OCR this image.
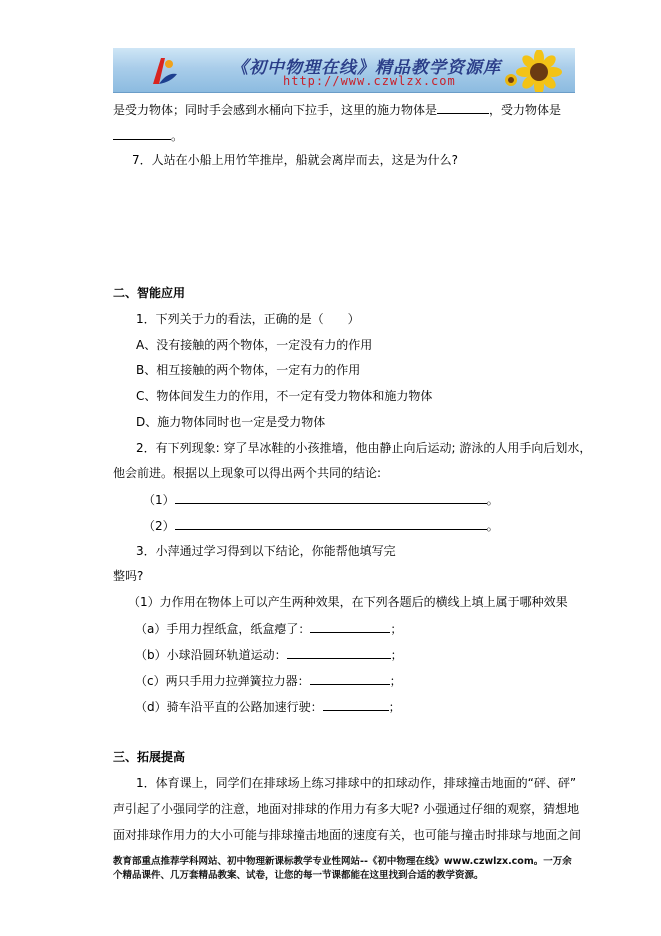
《初中物理在线》精品教学资源库
http://www.czwlzx.com
是受力物体；同时手会感到水桶向下拉手，这里的施力物体是	，受力物体是
。
7．人站在小船上用竹竿推岸，船就会离岸而去，这是为什么?
二、智能应用
1．下列关于力的看法，正确的是（　　）
A、没有接触的两个物体，一定没有力的作用
B、相互接触的两个物体，一定有力的作用
C、物体间发生力的作用，不一定有受力物体和施力物体
D、施力物体同时也一定是受力物体
2．有下列现象: 穿了旱冰鞋的小孩推墙，他由静止向后运动; 游泳的人用手向后划水，
他会前进。根据以上现象可以得出两个共同的结论:
（1）	。
（2）	。
3．小萍通过学习得到以下结论，你能帮他填写完
整吗?
（1）力作用在物体上可以产生两种效果，在下列各题后的横线上填上属于哪种效果
（a）手用力捏纸盒，纸盒瘪了：	；
（b）小球沿圆环轨道运动：	；
（c）两只手用力拉弹簧拉力器：	；
（d）骑车沿平直的公路加速行驶：	；
三、拓展提高
1．体育课上，同学们在排球场上练习排球中的扣球动作，排球撞击地面的“砰、砰”
声引起了小强同学的注意，地面对排球的作用力有多大呢? 小强通过仔细的观察，猜想地
面对排球作用力的大小可能与排球撞击地面的速度有关，也可能与撞击时排球与地面之间
教育部重点推荐学科网站、初中物理新课标教学专业性网站--《初中物理在线》www.czwlzx.com。一万余
个精品课件、几万套精品教案、试卷，让您的每一节课都能在这里找到合适的教学资源。
